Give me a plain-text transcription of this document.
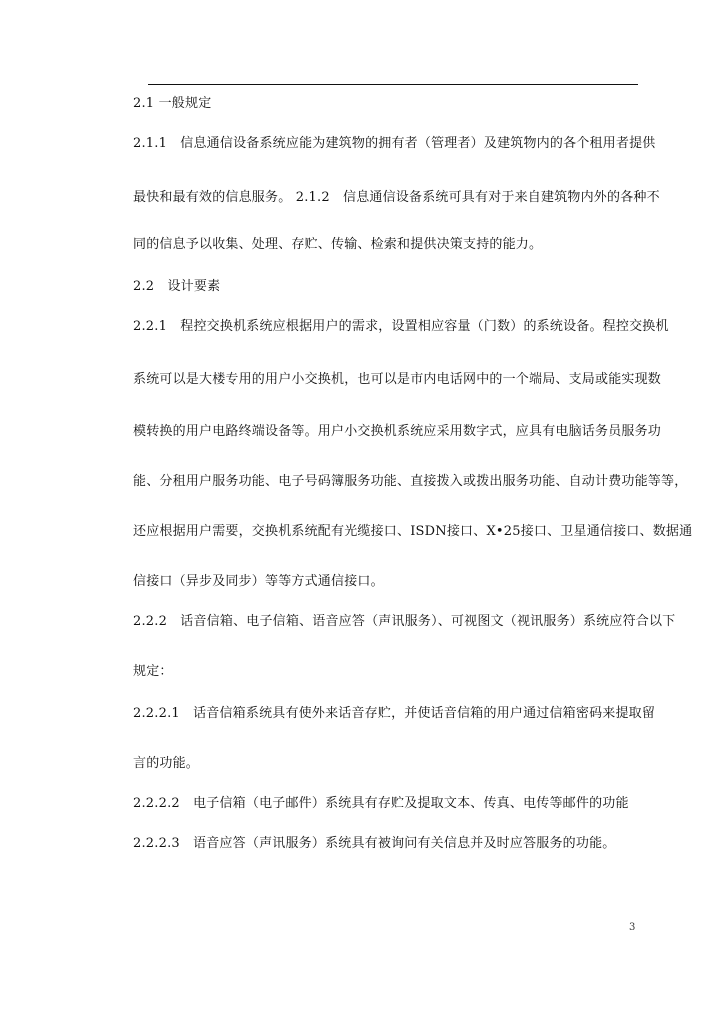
2.1 一般规定
2.1.1　信息通信设备系统应能为建筑物的拥有者（管理者）及建筑物内的各个租用者提供
最快和最有效的信息服务。 2.1.2　信息通信设备系统可具有对于来自建筑物内外的各种不
同的信息予以收集、处理、存贮、传输、检索和提供决策支持的能力。
2.2　设计要素
2.2.1　程控交换机系统应根据用户的需求，设置相应容量（门数）的系统设备。程控交换机
系统可以是大楼专用的用户小交换机，也可以是市内电话网中的一个端局、支局或能实现数
模转换的用户电路终端设备等。用户小交换机系统应采用数字式，应具有电脑话务员服务功
能、分租用户服务功能、电子号码簿服务功能、直接拨入或拨出服务功能、自动计费功能等等，
还应根据用户需要，交换机系统配有光缆接口、ISDN接口、X•25接口、卫星通信接口、数据通
信接口（异步及同步）等等方式通信接口。
2.2.2　话音信箱、电子信箱、语音应答（声讯服务）、可视图文（视讯服务）系统应符合以下
规定：
2.2.2.1　话音信箱系统具有使外来话音存贮，并使话音信箱的用户通过信箱密码来提取留
言的功能。
2.2.2.2　电子信箱（电子邮件）系统具有存贮及提取文本、传真、电传等邮件的功能
2.2.2.3　语音应答（声讯服务）系统具有被询问有关信息并及时应答服务的功能。
3
